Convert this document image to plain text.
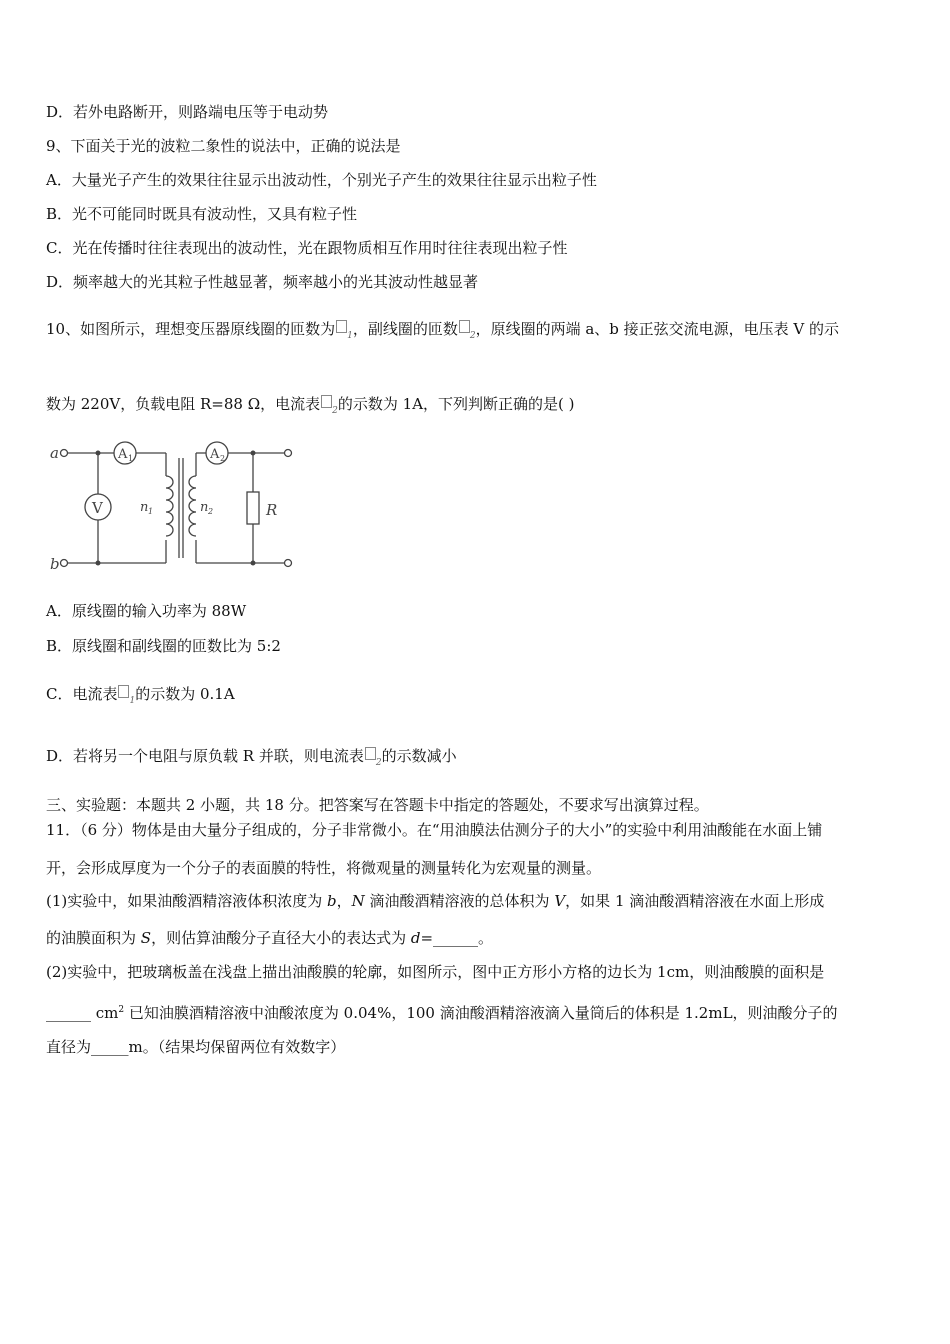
D．若外电路断开，则路端电压等于电动势
9、下面关于光的波粒二象性的说法中，正确的说法是
A．大量光子产生的效果往往显示出波动性，个别光子产生的效果往往显示出粒子性
B．光不可能同时既具有波动性，又具有粒子性
C．光在传播时往往表现出的波动性，光在跟物质相互作用时往往表现出粒子性
D．频率越大的光其粒子性越显著，频率越小的光其波动性越显著
10、如图所示，理想变压器原线圈的匝数为 $_1$，副线圈的匝数 $_2$，原线圈的两端 a、b 接正弦交流电源，电压表 V 的示
数为 220V，负载电阻 R=88 Ω，电流表 $_2$的示数为 1A，下列判断正确的是( )
a
b
V
A 1	A 2
n 1	n 2	R
A．原线圈的输入功率为 88W
B．原线圈和副线圈的匝数比为 5:2
C．电流表 $_1$的示数为 0.1A
D．若将另一个电阻与原负载 R 并联，则电流表 $_2$的示数减小
三、实验题：本题共 2 小题，共 18 分。把答案写在答题卡中指定的答题处，不要求写出演算过程。
11．（6 分）物体是由大量分子组成的，分子非常微小。在“用油膜法估测分子的大小”的实验中利用油酸能在水面上铺
开，会形成厚度为一个分子的表面膜的特性，将微观量的测量转化为宏观量的测量。
(1)实验中，如果油酸酒精溶液体积浓度为 b，N 滴油酸酒精溶液的总体积为 V，如果 1 滴油酸酒精溶液在水面上形成
的油膜面积为 S，则估算油酸分子直径大小的表达式为 d=______。
(2)实验中，把玻璃板盖在浅盘上描出油酸膜的轮廓，如图所示，图中正方形小方格的边长为 1cm，则油酸膜的面积是
______ $cm^2$ 已知油膜酒精溶液中油酸浓度为 0.04%，100 滴油酸酒精溶液滴入量筒后的体积是 1.2mL，则油酸分子的
直径为_____m。（结果均保留两位有效数字）
